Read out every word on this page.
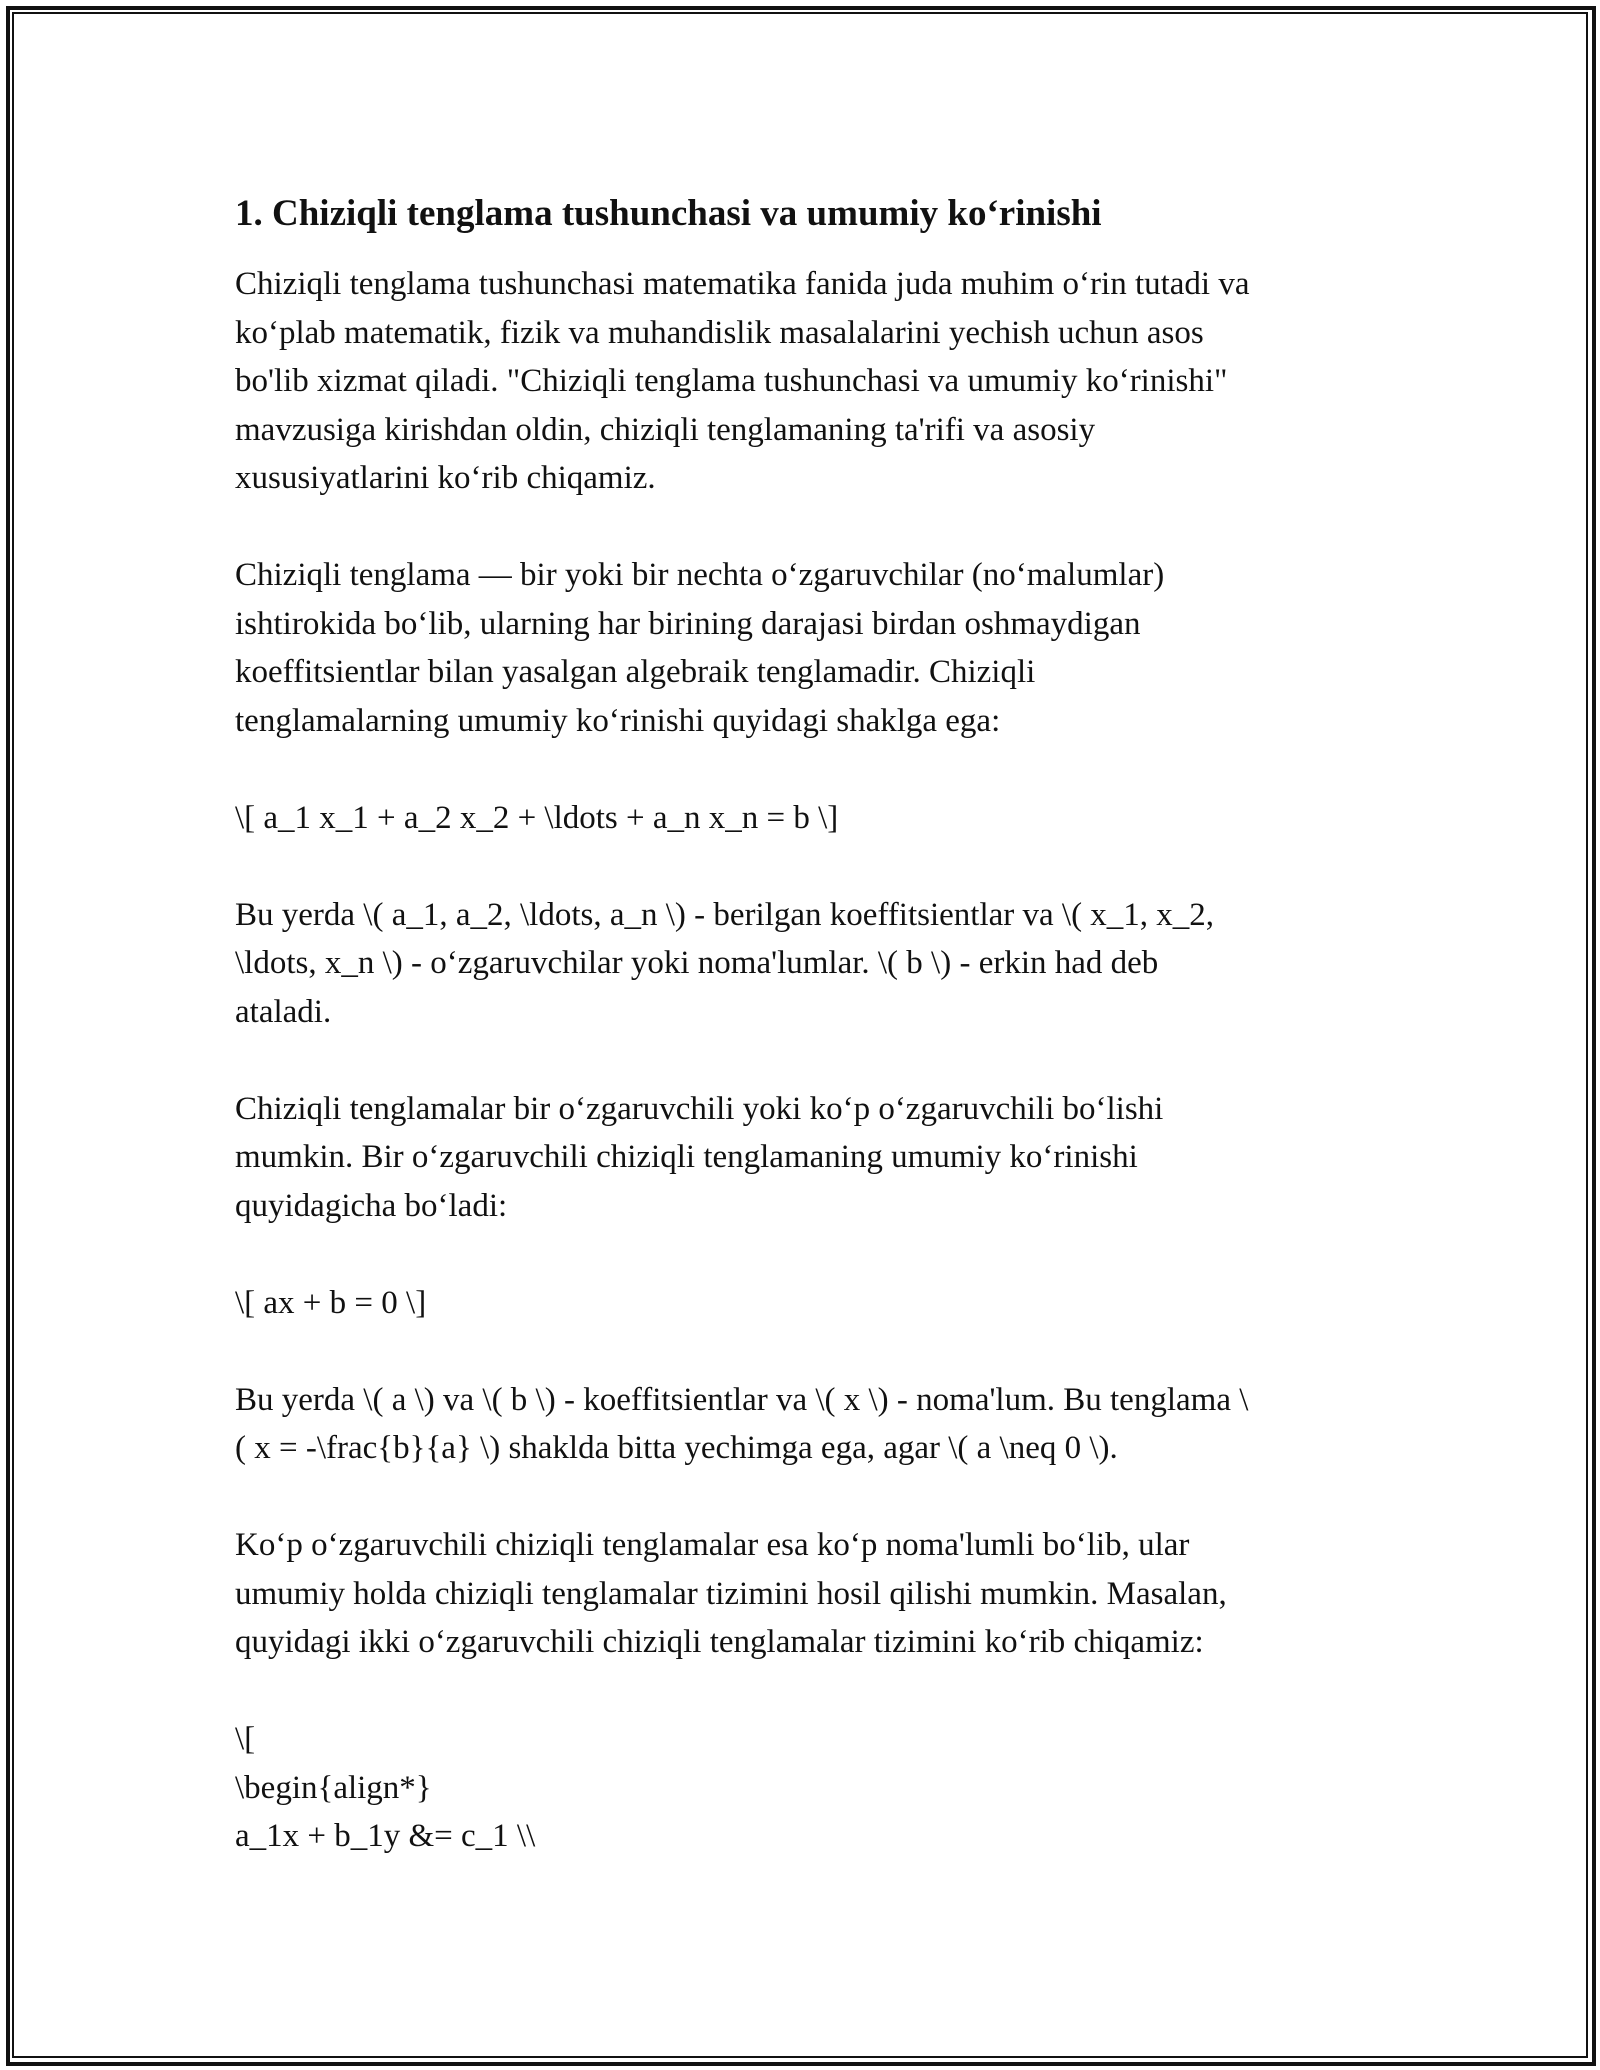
1. Chiziqli tenglama tushunchasi va umumiy ko‘rinishi

Chiziqli tenglama tushunchasi matematika fanida juda muhim o‘rin tutadi va
ko‘plab matematik, fizik va muhandislik masalalarini yechish uchun asos
bo'lib xizmat qiladi. "Chiziqli tenglama tushunchasi va umumiy ko‘rinishi"
mavzusiga kirishdan oldin, chiziqli tenglamaning ta'rifi va asosiy
xususiyatlarini ko‘rib chiqamiz.

Chiziqli tenglama — bir yoki bir nechta o‘zgaruvchilar (no‘malumlar)
ishtirokida bo‘lib, ularning har birining darajasi birdan oshmaydigan
koeffitsientlar bilan yasalgan algebraik tenglamadir. Chiziqli
tenglamalarning umumiy ko‘rinishi quyidagi shaklga ega:

\[ a_1 x_1 + a_2 x_2 + \ldots + a_n x_n = b \]

Bu yerda \( a_1, a_2, \ldots, a_n \) - berilgan koeffitsientlar va \( x_1, x_2,
\ldots, x_n \) - o‘zgaruvchilar yoki noma'lumlar. \( b \) - erkin had deb
ataladi.

Chiziqli tenglamalar bir o‘zgaruvchili yoki ko‘p o‘zgaruvchili bo‘lishi
mumkin. Bir o‘zgaruvchili chiziqli tenglamaning umumiy ko‘rinishi
quyidagicha bo‘ladi:

\[ ax + b = 0 \]

Bu yerda \( a \) va \( b \) - koeffitsientlar va \( x \) - noma'lum. Bu tenglama \
( x = -\frac{b}{a} \) shakldа bitta yechimga ega, agar \( a \neq 0 \).

Ko‘p o‘zgaruvchili chiziqli tenglamalar esa ko‘p noma'lumli bo‘lib, ular
umumiy holda chiziqli tenglamalar tizimini hosil qilishi mumkin. Masalan,
quyidagi ikki o‘zgaruvchili chiziqli tenglamalar tizimini ko‘rib chiqamiz:

\[
\begin{align*}
a_1x + b_1y &= c_1 \\
